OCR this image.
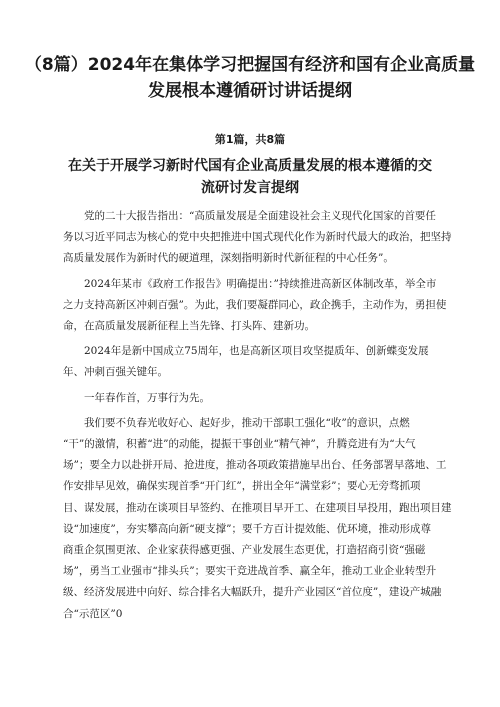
（8篇）2024年在集体学习把握国有经济和国有企业高质量
发展根本遵循研讨讲话提纲
第1篇，共8篇
在关于开展学习新时代国有企业高质量发展的根本遵循的交
流研讨发言提纲

党的二十大报告指出：“高质量发展是全面建设社会主义现代化国家的首要任
务以习近平同志为核心的党中央把推进中国式现代化作为新时代最大的政治，把坚持
高质量发展作为新时代的硬道理，深刻指明新时代新征程的中心任务”。

2024年某市《政府工作报告》明确提出：”持续推进高新区体制改革，举全市
之力支持高新区冲刺百强”。为此，我们要凝群同心，政企携手，主动作为，勇担使
命，在高质量发展新征程上当先锋、打头阵、建新功。

2024年是新中国成立75周年，也是高新区项目攻坚提质年、创新蝶变发展
年、冲刺百强关键年。

一年春作首，万事行为先。

我们要不负春光收好心、起好步，推动干部职工强化“收”的意识，点燃
“干”的激情，积蓄“进”的动能，提振干事创业“精气神”，升腾竞进有为“大气
场”；要全力以赴拼开局、抢进度，推动各项政策措施早出台、任务部署早落地、工
作安排早见效，确保实现首季“开门红”，拼出全年“满堂彩”；要心无旁骛抓项
目、谋发展，推动在谈项目早签约、在推项目早开工、在建项目早投用，跑出项目建
设“加速度”，夯实攀高向新“硬支撑”；要千方百计提效能、优环境，推动形成尊
商重企氛围更浓、企业家获得感更强、产业发展生态更优，打造招商引资“强磁
场”，勇当工业强市“排头兵”；要实干竞进战首季、赢全年，推动工业企业转型升
级、经济发展进中向好、综合排名大幅跃升，提升产业园区“首位度”，建设产城融
合“示范区”0
